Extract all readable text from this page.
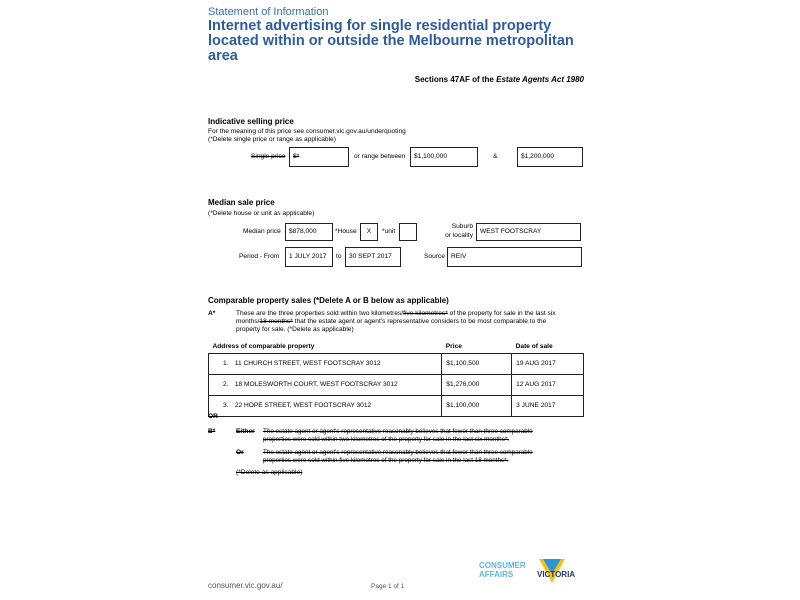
Statement of Information
Internet advertising for single residential property
located within or outside the Melbourne metropolitan
area
Sections 47AF of the Estate Agents Act 1980
Indicative selling price
For the meaning of this price see consumer.vic.gov.au/underquoting
(*Delete single price or range as applicable)
Single price	$*	or range between	$1,100,000	&	$1,200,000
Median sale price
(*Delete house or unit as applicable)
Median price	$878,000	*House	X	*unit
Suburb
or locality
WEST FOOTSCRAY
Period - From	1 JULY 2017	to	30 SEPT 2017	Source REIV
Comparable property sales (*Delete A or B below as applicable)
A*	These are the three properties sold within two kilometres/five kilometres* of the property for sale in the last six
months/18 months* that the estate agent or agent's representative considers to be most comparable to the
property for sale. (*Delete as applicable)
Address of comparable property	Price	Date of sale
1. 11 CHURCH STREET, WEST FOOTSCRAY 3012	$1,100,500	19 AUG 2017
2. 18 MOLESWORTH COURT, WEST FOOTSCRAY 3012	$1,276,000	12 AUG 2017
3. 22 HOPE STREET, WEST FOOTSCRAY 3012	$1,100,000	3 JUNE 2017
OR
B*	Either The estate agent or agent's representative reasonably believes that fewer than three comparable
properties were sold within two kilometres of the property for sale in the last six months*.
Or	The estate agent or agent's representative reasonably believes that fewer than three comparable
properties were sold within five kilometres of the property for sale in the last 18 months*.
(*Delete as applicable)
consumer.vic.gov.au/	Page 1 of 1
CONSUMER
AFFAIRS	VICTORIA
